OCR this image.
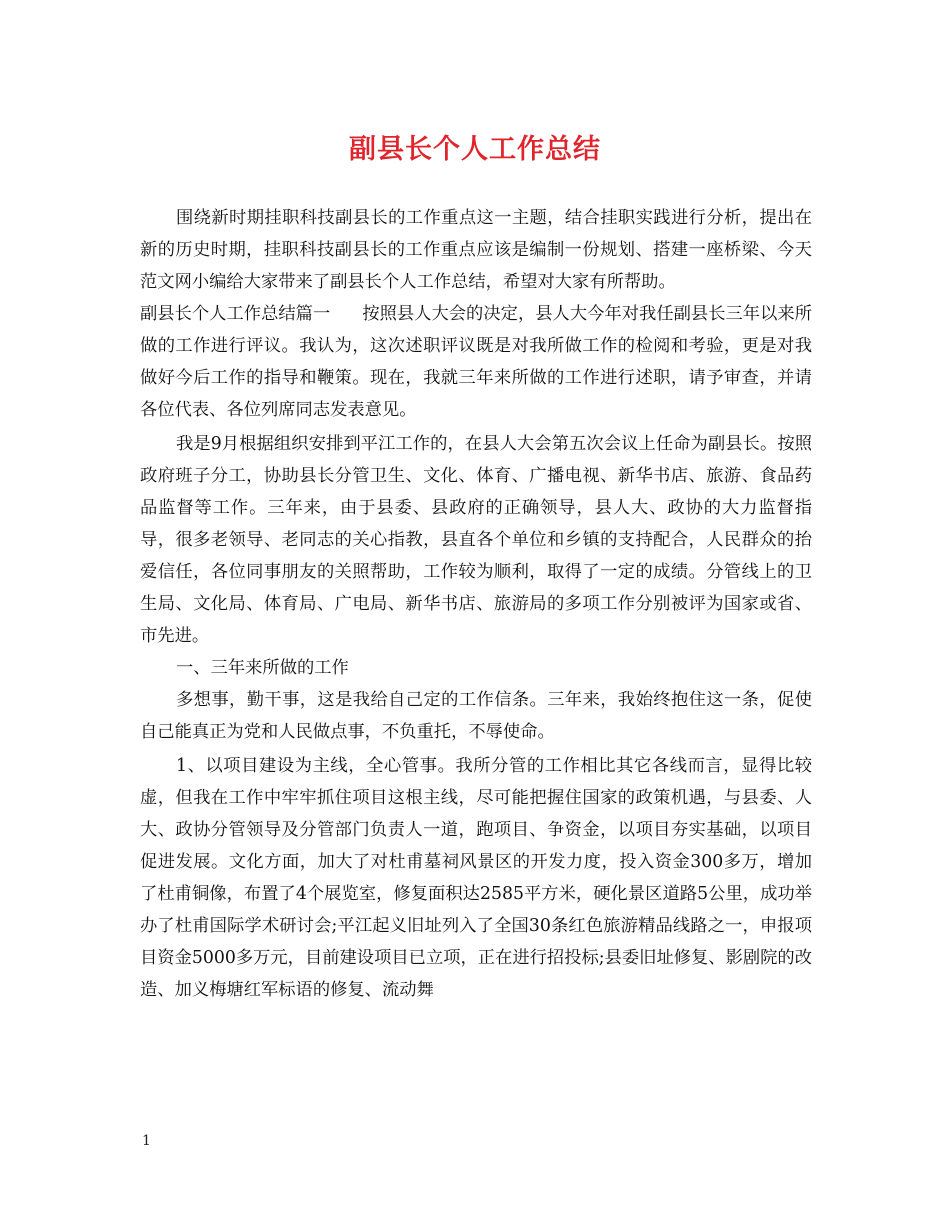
副县长个人工作总结

围绕新时期挂职科技副县长的工作重点这一主题，结合挂职实践进行分析，提出在新的历史时期，挂职科技副县长的工作重点应该是编制一份规划、搭建一座桥梁、今天范文网小编给大家带来了副县长个人工作总结，希望对大家有所帮助。

副县长个人工作总结篇一 按照县人大会的决定，县人大今年对我任副县长三年以来所做的工作进行评议。我认为，这次述职评议既是对我所做工作的检阅和考验，更是对我做好今后工作的指导和鞭策。现在，我就三年来所做的工作进行述职，请予审查，并请各位代表、各位列席同志发表意见。

我是9月根据组织安排到平江工作的，在县人大会第五次会议上任命为副县长。按照政府班子分工，协助县长分管卫生、文化、体育、广播电视、新华书店、旅游、食品药品监督等工作。三年来，由于县委、县政府的正确领导，县人大、政协的大力监督指导，很多老领导、老同志的关心指教，县直各个单位和乡镇的支持配合，人民群众的抬爱信任，各位同事朋友的关照帮助，工作较为顺利，取得了一定的成绩。分管线上的卫生局、文化局、体育局、广电局、新华书店、旅游局的多项工作分别被评为国家或省、市先进。

一、三年来所做的工作

多想事，勤干事，这是我给自己定的工作信条。三年来，我始终抱住这一条，促使自己能真正为党和人民做点事，不负重托，不辱使命。

1、以项目建设为主线，全心管事。我所分管的工作相比其它各线而言，显得比较虚，但我在工作中牢牢抓住项目这根主线，尽可能把握住国家的政策机遇，与县委、人大、政协分管领导及分管部门负责人一道，跑项目、争资金，以项目夯实基础，以项目促进发展。文化方面，加大了对杜甫墓祠风景区的开发力度，投入资金300多万，增加了杜甫铜像，布置了4个展览室，修复面积达2585平方米，硬化景区道路5公里，成功举办了杜甫国际学术研讨会;平江起义旧址列入了全国30条红色旅游精品线路之一，申报项目资金5000多万元，目前建设项目已立项，正在进行招投标;县委旧址修复、影剧院的改造、加义梅塘红军标语的修复、流动舞

1
